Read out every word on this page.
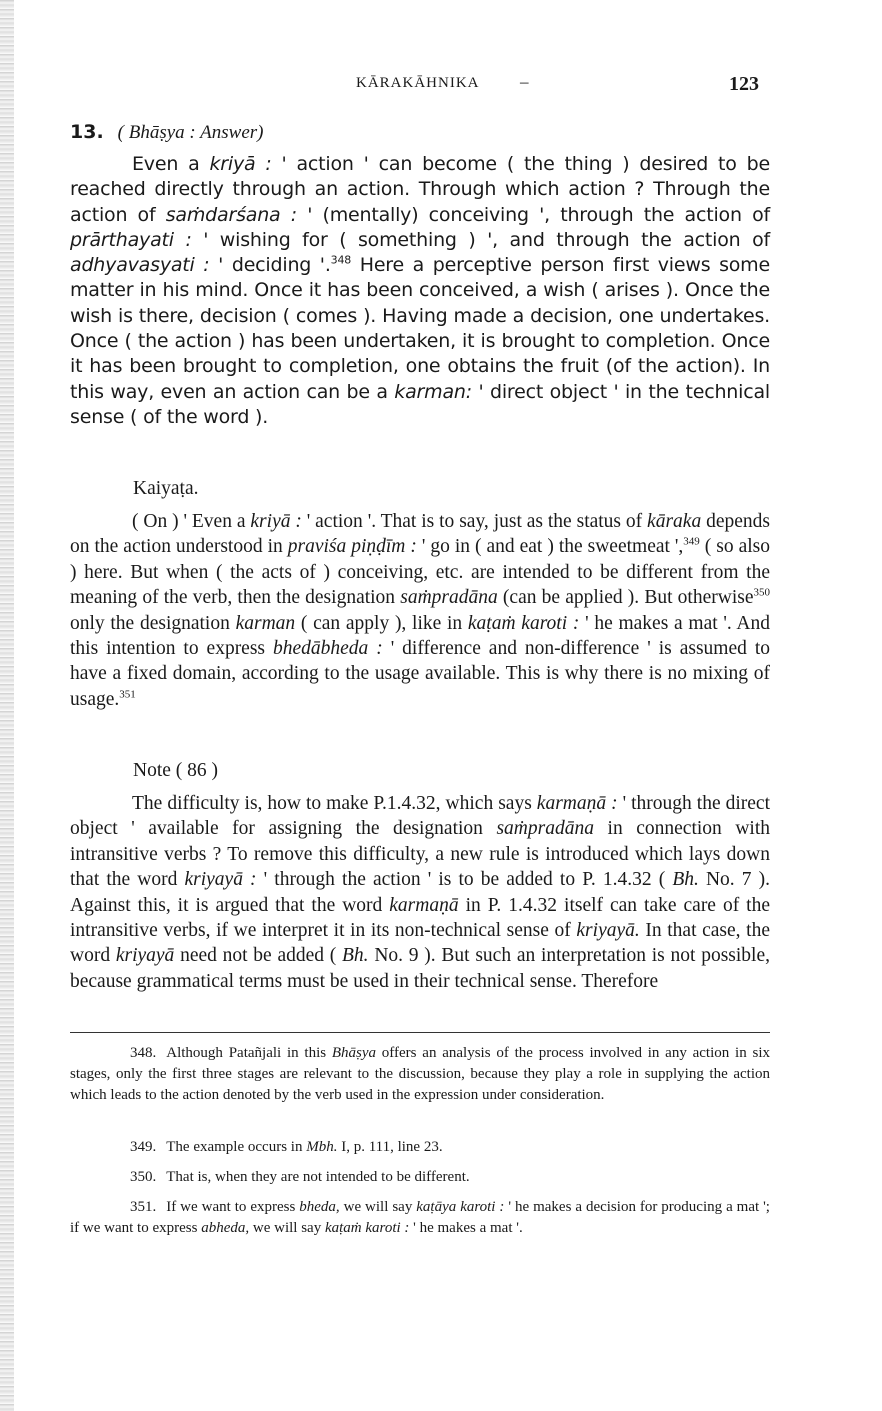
KĀRAKĀHNIKA –	123
13. ( Bhāṣya : Answer)

Even a kriyā : ' action ' can become ( the thing ) desired to be reached directly through an action. Through which action ? Through the action of saṁdarśana : ' (mentally) conceiving ', through the action of prārthayati : ' wishing for ( something ) ', and through the action of adhyavasyati : ' deciding '.$^{348}$ Here a perceptive person first views some matter in his mind. Once it has been conceived, a wish ( arises ). Once the wish is there, decision ( comes ). Having made a decision, one undertakes. Once ( the action ) has been undertaken, it is brought to completion. Once it has been brought to completion, one obtains the fruit (of the action). In this way, even an action can be a karman: ' direct object ' in the technical sense ( of the word ).

Kaiyaṭa.

( On ) ' Even a kriyā : ' action '. That is to say, just as the status of kāraka depends on the action understood in praviśa piṇḍīm : ' go in ( and eat ) the sweetmeat ',$^{349}$ ( so also ) here. But when ( the acts of ) conceiving, etc. are intended to be different from the meaning of the verb, then the designation saṁpradāna (can be applied ). But otherwise$^{350}$ only the designation karman ( can apply ), like in kaṭaṁ karoti : ' he makes a mat '. And this intention to express bhedābheda : ' difference and non-difference ' is assumed to have a fixed domain, according to the usage available. This is why there is no mixing of usage.$^{351}$

Note ( 86 )

The difficulty is, how to make P.1.4.32, which says karmaṇā : ' through the direct object ' available for assigning the designation saṁpradāna in connection with intransitive verbs ? To remove this difficulty, a new rule is introduced which lays down that the word kriyayā : ' through the action ' is to be added to P. 1.4.32 ( Bh. No. 7 ). Against this, it is argued that the word karmaṇā in P. 1.4.32 itself can take care of the intransitive verbs, if we interpret it in its non-technical sense of kriyayā. In that case, the word kriyayā need not be added ( Bh. No. 9 ). But such an interpretation is not possible, because grammatical terms must be used in their technical sense. Therefore

348. Although Patañjali in this Bhāṣya offers an analysis of the process involved in any action in six stages, only the first three stages are relevant to the discussion, because they play a role in supplying the action which leads to the action denoted by the verb used in the expression under consideration.

349. The example occurs in Mbh. I, p. 111, line 23.

350. That is, when they are not intended to be different.

351. If we want to express bheda, we will say kaṭāya karoti : ' he makes a decision for producing a mat '; if we want to express abheda, we will say kaṭaṁ karoti : ' he makes a mat '.
